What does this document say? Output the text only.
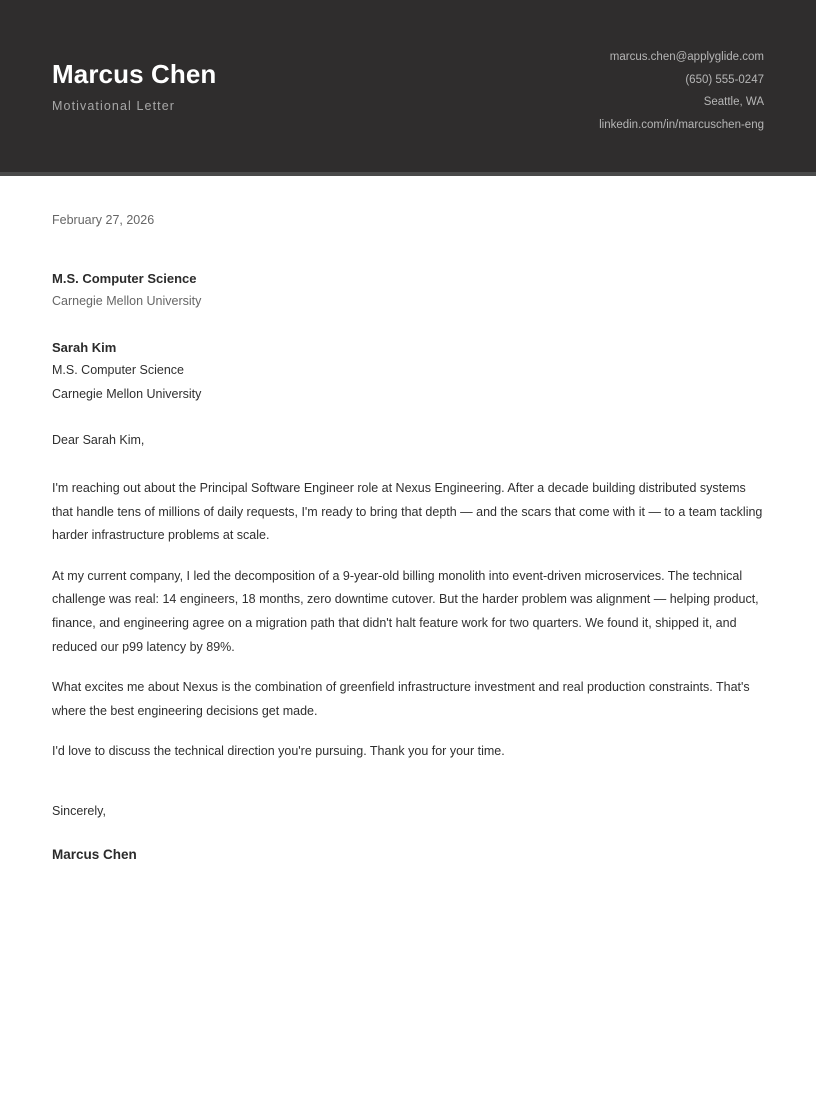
Marcus Chen
Motivational Letter
marcus.chen@applyglide.com
(650) 555-0247
Seattle, WA
linkedin.com/in/marcuschen-eng
February 27, 2026
M.S. Computer Science
Carnegie Mellon University
Sarah Kim
M.S. Computer Science
Carnegie Mellon University
Dear Sarah Kim,

I'm reaching out about the Principal Software Engineer role at Nexus Engineering. After a decade building distributed systems that handle tens of millions of daily requests, I'm ready to bring that depth — and the scars that come with it — to a team tackling harder infrastructure problems at scale.

At my current company, I led the decomposition of a 9-year-old billing monolith into event-driven microservices. The technical challenge was real: 14 engineers, 18 months, zero downtime cutover. But the harder problem was alignment — helping product, finance, and engineering agree on a migration path that didn't halt feature work for two quarters. We found it, shipped it, and reduced our p99 latency by 89%.

What excites me about Nexus is the combination of greenfield infrastructure investment and real production constraints. That's where the best engineering decisions get made.

I'd love to discuss the technical direction you're pursuing. Thank you for your time.

Sincerely,
Marcus Chen
